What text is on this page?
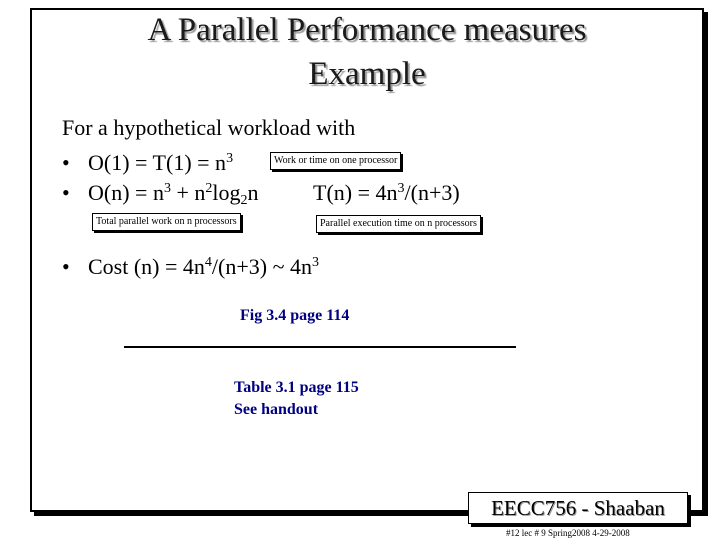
A Parallel Performance measures
Example
For a hypothetical workload with
• $O(1) = T(1) = n^3$	Work or time on one processor
• $O(n) = n^3 + n^2\log_2n$ $T(n) = 4n^3/(n+3)$
Total parallel work on n processors	Parallel execution time on n processors
• Cost $(n) = 4n^4/(n+3)$ ~ $4n^3$
Fig 3.4 page 114
Table 3.1 page 115
See handout
EECC756 - Shaaban
#12 lec # 9 Spring2008 4-29-2008
